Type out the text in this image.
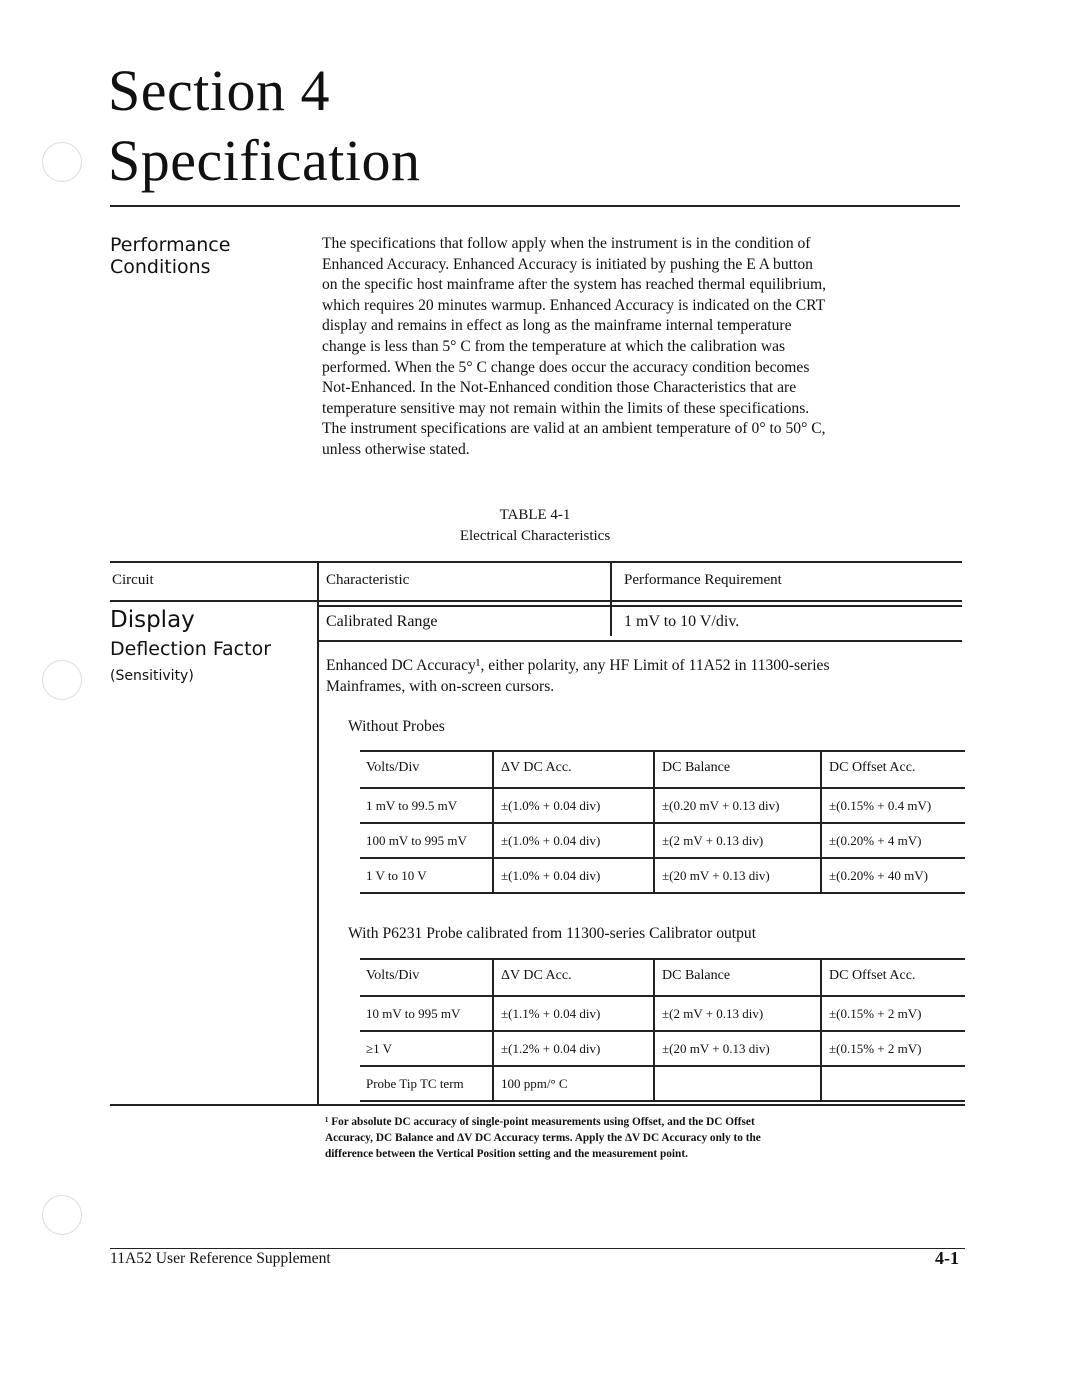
Section 4
Specification
Performance
Conditions
The specifications that follow apply when the instrument is in the condition of
Enhanced Accuracy. Enhanced Accuracy is initiated by pushing the E A button
on the specific host mainframe after the system has reached thermal equilibrium,
which requires 20 minutes warmup. Enhanced Accuracy is indicated on the CRT
display and remains in effect as long as the mainframe internal temperature
change is less than 5° C from the temperature at which the calibration was
performed. When the 5° C change does occur the accuracy condition becomes
Not-Enhanced. In the Not-Enhanced condition those Characteristics that are
temperature sensitive may not remain within the limits of these specifications.
The instrument specifications are valid at an ambient temperature of 0° to 50° C,
unless otherwise stated.
TABLE 4-1
Electrical Characteristics
Circuit	Characteristic	Performance Requirement
Display
Deflection Factor
(Sensitivity)
Calibrated Range	1 mV to 10 V/div.
Enhanced DC Accuracy¹, either polarity, any HF Limit of 11A52 in 11300-series
Mainframes, with on-screen cursors.
Without Probes
Volts/Div	ΔV DC Acc.	DC Balance	DC Offset Acc.
1 mV to 99.5 mV	±(1.0% + 0.04 div)	±(0.20 mV + 0.13 div)	±(0.15% + 0.4 mV)
100 mV to 995 mV	±(1.0% + 0.04 div)	±(2 mV + 0.13 div)	±(0.20% + 4 mV)
1 V to 10 V	±(1.0% + 0.04 div)	±(20 mV + 0.13 div)	±(0.20% + 40 mV)
With P6231 Probe calibrated from 11300-series Calibrator output
Volts/Div	ΔV DC Acc.	DC Balance	DC Offset Acc.
10 mV to 995 mV	±(1.1% + 0.04 div)	±(2 mV + 0.13 div)	±(0.15% + 2 mV)
≥1 V	±(1.2% + 0.04 div)	±(20 mV + 0.13 div)	±(0.15% + 2 mV)
Probe Tip TC term	100 ppm/° C
¹ For absolute DC accuracy of single-point measurements using Offset, and the DC Offset
Accuracy, DC Balance and ΔV DC Accuracy terms. Apply the ΔV DC Accuracy only to the
difference between the Vertical Position setting and the measurement point.
11A52 User Reference Supplement	4-1
